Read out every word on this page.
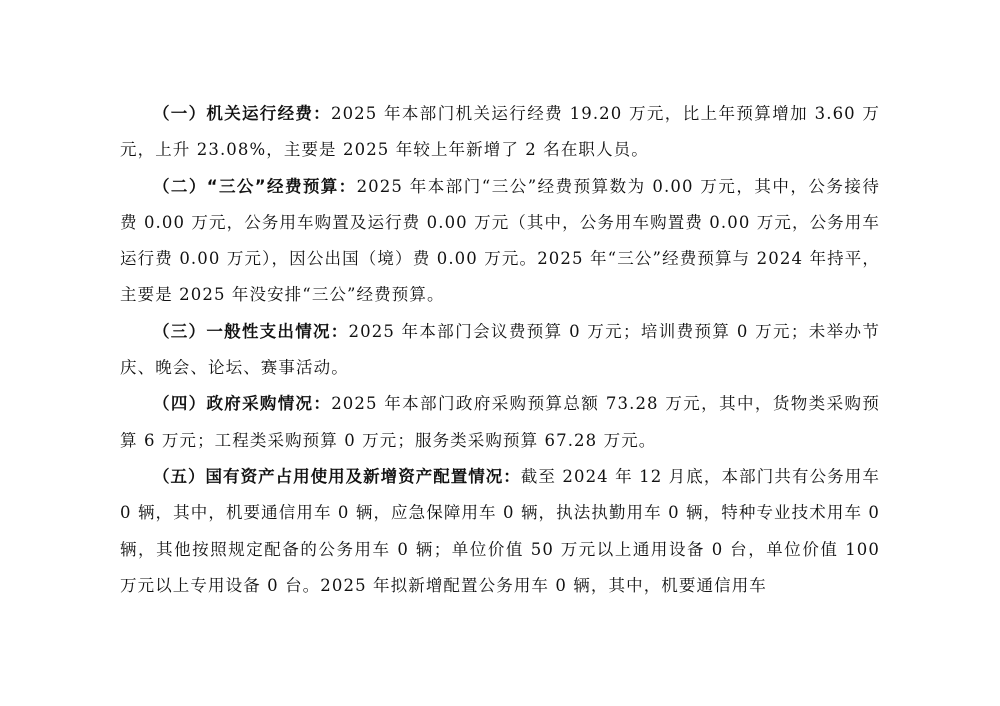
（一）机关运行经费：2025 年本部门机关运行经费 19.20 万元，比上年预算增加 3.60 万元，上升 23.08%，主要是 2025 年较上年新增了 2 名在职人员。

（二）“三公”经费预算：2025 年本部门“三公”经费预算数为 0.00 万元，其中，公务接待费 0.00 万元，公务用车购置及运行费 0.00 万元（其中，公务用车购置费 0.00 万元，公务用车运行费 0.00 万元），因公出国（境）费 0.00 万元。2025 年“三公”经费预算与 2024 年持平，主要是 2025 年没安排“三公”经费预算。

（三）一般性支出情况：2025 年本部门会议费预算 0 万元；培训费预算 0 万元；未举办节庆、晚会、论坛、赛事活动。

（四）政府采购情况：2025 年本部门政府采购预算总额 73.28 万元，其中，货物类采购预算 6 万元；工程类采购预算 0 万元；服务类采购预算 67.28 万元。

（五）国有资产占用使用及新增资产配置情况：截至 2024 年 12 月底，本部门共有公务用车 0 辆，其中，机要通信用车 0 辆，应急保障用车 0 辆，执法执勤用车 0 辆，特种专业技术用车 0 辆，其他按照规定配备的公务用车 0 辆；单位价值 50 万元以上通用设备 0 台，单位价值 100 万元以上专用设备 0 台。2025 年拟新增配置公务用车 0 辆，其中，机要通信用车
